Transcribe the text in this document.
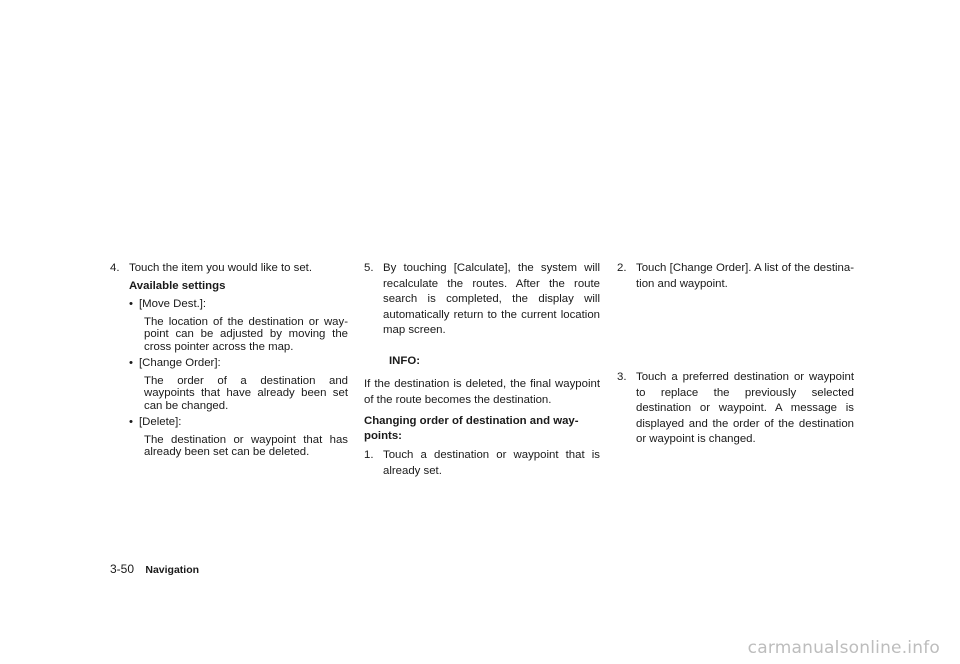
4. Touch the item you would like to set.
Available settings
• [Move Dest.]:

The location of the destination or way-point can be adjusted by moving the cross pointer across the map.

• [Change Order]:

The order of a destination and waypoints that have already been set can be changed.

• [Delete]:

The destination or waypoint that has already been set can be deleted.

5. By touching [Calculate], the system will recalculate the routes. After the route search is completed, the display will automatically return to the current location map screen.
INFO:

If the destination is deleted, the final waypoint of the route becomes the destination.

Changing order of destination and way-points:
1. Touch a destination or waypoint that is already set.
2. Touch [Change Order]. A list of the destina-tion and waypoint.
3. Touch a preferred destination or waypoint to replace the previously selected destination or waypoint. A message is displayed and the order of the destination or waypoint is changed.
3-50 Navigation
carmanualsonline.info
